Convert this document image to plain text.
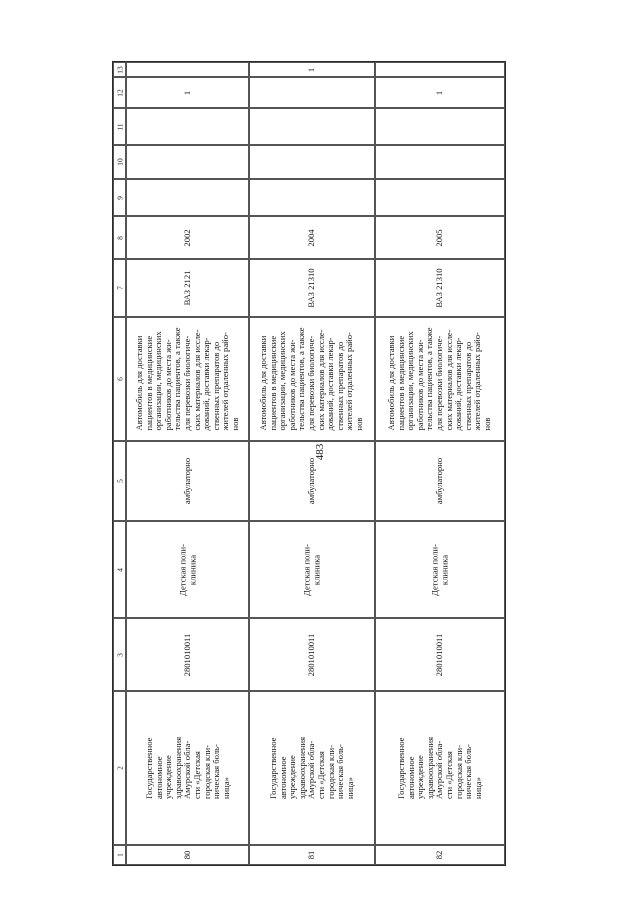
483
1
2
3
4
5
6
7
8
9
10
11
12
13
80
Государственное автономное учреждение здравоохранения Амурской обла- сти «Детская городская кли- ническая боль- ница»
2801010011
Детская поли- клиника
амбулаторно
Автомобиль для доставки пациентов в медицинские организации, медицинских работников до места жи- тельства пациентов, а также для перевозки биологиче- ских материалов для иссле- дований, доставки лекар- ственных препаратов до жителей отдаленных райо- нов
ВАЗ 2121
2002
1
81
Государственное автономное учреждение здравоохранения Амурской обла- сти «Детская городская кли- ническая боль- ница»
2801010011
Детская поли- клиника
амбулаторно
Автомобиль для доставки пациентов в медицинские организации, медицинских работников до места жи- тельства пациентов, а также для перевозки биологиче- ских материалов для иссле- дований, доставки лекар- ственных препаратов до жителей отдаленных райо- нов
ВАЗ 21310
2004
1
82
Государственное автономное учреждение здравоохранения Амурской обла- сти «Детская городская кли- ническая боль- ница»
2801010011
Детская поли- клиника
амбулаторно
Автомобиль для доставки пациентов в медицинские организации, медицинских работников до места жи- тельства пациентов, а также для перевозки биологиче- ских материалов для иссле- дований, доставки лекар- ственных препаратов до жителей отдаленных райо- нов
ВАЗ 21310
2005
1
